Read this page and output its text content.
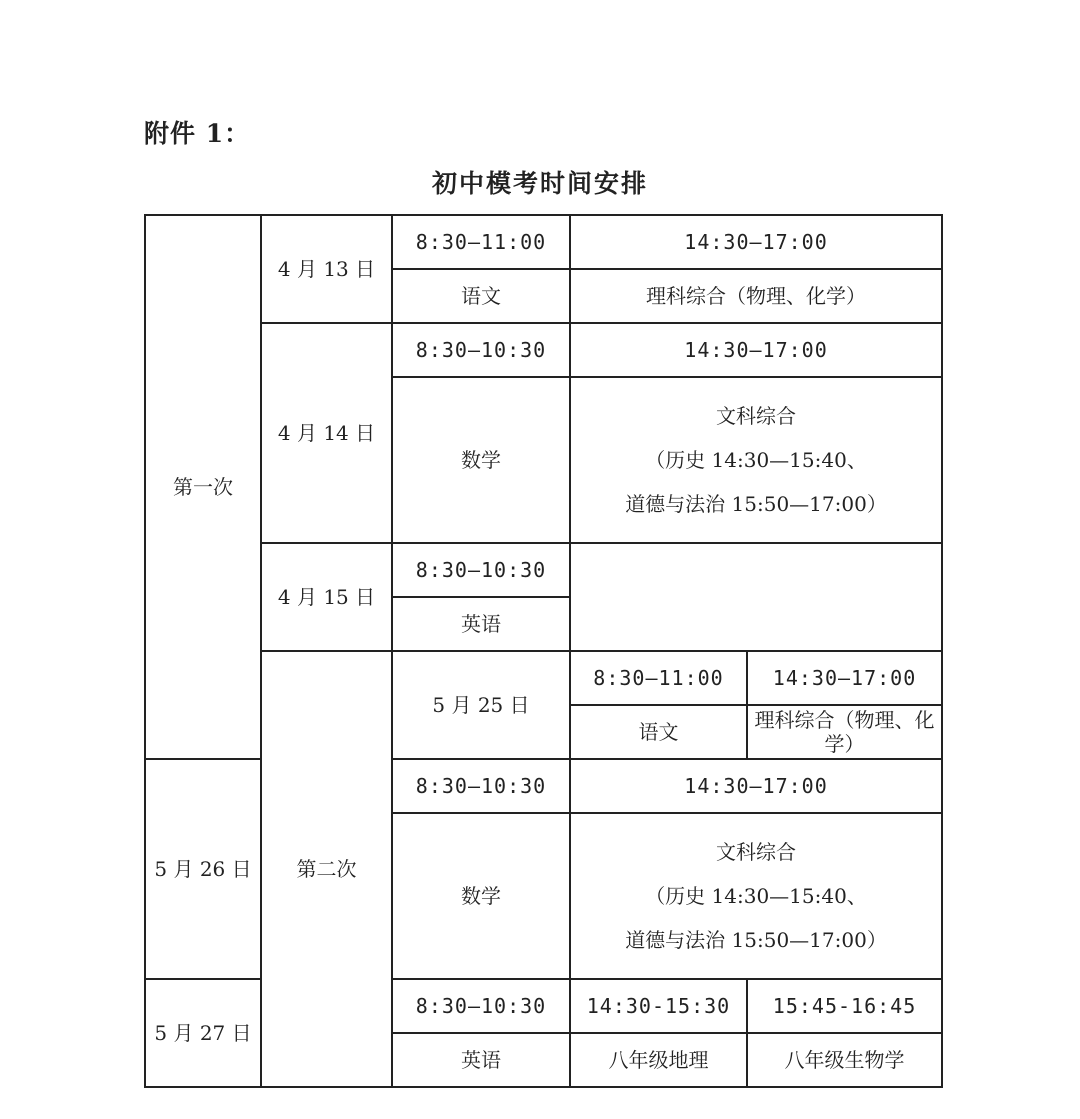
附件 1：
初中模考时间安排
第一次	4 月 13 日	8:30—11:00	14:30—17:00	
		语文	理科综合（物理、化学）	
	4 月 14 日	8:30—10:30	14:30—17:00	
		数学	文科综合
（历史 14:30—15:40、
道德与法治 15:50—17:00）	

	4 月 15 日	8:30—10:30		
		英语		
	第二次	5 月 25 日	8:30—11:00	14:30—17:00
			语文	理科综合（物理、化学）
5 月 26 日		8:30—10:30	14:30—17:00	
		数学	文科综合
（历史 14:30—15:40、
道德与法治 15:50—17:00）	

5 月 27 日		8:30—10:30	14:30-15:30	15:45-16:45
		英语	八年级地理	八年级生物学
